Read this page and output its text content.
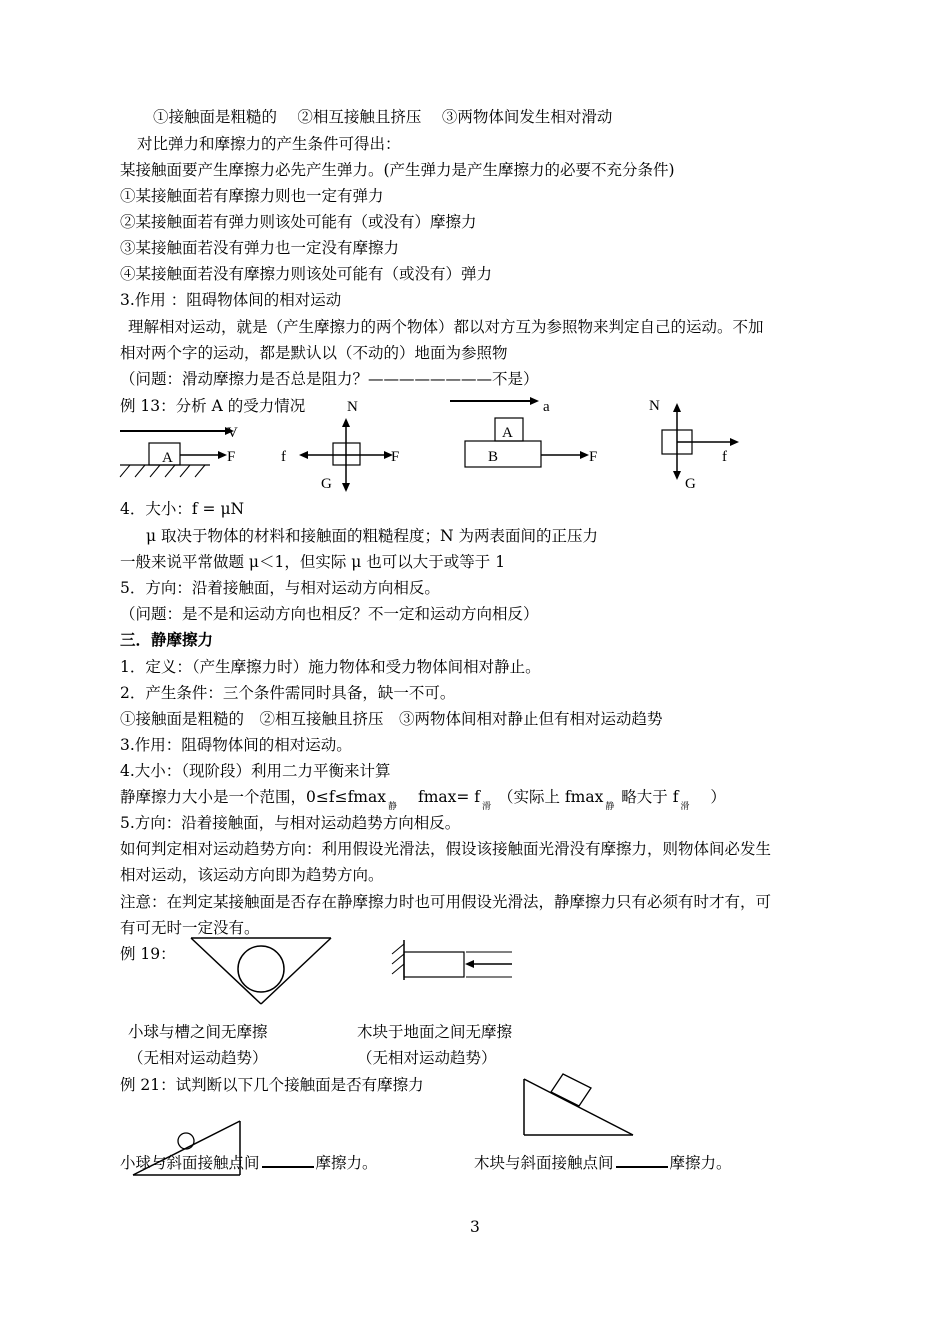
①接触面是粗糙的　 ②相互接触且挤压　 ③两物体间发生相对滑动
对比弹力和摩擦力的产生条件可得出：
某接触面要产生摩擦力必先产生弹力。(产生弹力是产生摩擦力的必要不充分条件)
①某接触面若有摩擦力则也一定有弹力
②某接触面若有弹力则该处可能有（或没有）摩擦力
③某接触面若没有弹力也一定没有摩擦力
④某接触面若没有摩擦力则该处可能有（或没有）弹力
3.作用 ：阻碍物体间的相对运动
理解相对运动，就是（产生摩擦力的两个物体）都以对方互为参照物来判定自己的运动。不加
相对两个字的运动，都是默认以（不动的）地面为参照物
（问题：滑动摩擦力是否总是阻力？————————不是）
例 13：分析 A 的受力情况
V
A	F
N
f	F
G
a
A
B	F
N
f
G
4．大小：f = μN
μ 取决于物体的材料和接触面的粗糙程度；N 为两表面间的正压力
一般来说平常做题 μ＜1，但实际 μ 也可以大于或等于 1
5．方向：沿着接触面，与相对运动方向相反。
（问题：是不是和运动方向也相反？不一定和运动方向相反）
三．静摩擦力
1．定义：（产生摩擦力时）施力物体和受力物体间相对静止。
2．产生条件：三个条件需同时具备，缺一不可。
①接触面是粗糙的　②相互接触且挤压　③两物体间相对静止但有相对运动趋势
3.作用：阻碍物体间的相对运动。
4.大小：（现阶段）利用二力平衡来计算
静摩擦力大小是一个范围，0≤f≤fmax$_静$ $fmax= f_滑$ （实际上 fmax$_静$ 略大于 $f_滑$ ）
5.方向：沿着接触面，与相对运动趋势方向相反。
如何判定相对运动趋势方向：利用假设光滑法，假设该接触面光滑没有摩擦力，则物体间必发生
相对运动，该运动方向即为趋势方向。
注意：在判定某接触面是否存在静摩擦力时也可用假设光滑法，静摩擦力只有必须有时才有，可
有可无时一定没有。
例 19：
小球与槽之间无摩擦	木块于地面之间无摩擦
（无相对运动趋势）	（无相对运动趋势）
例 21：试判断以下几个接触面是否有摩擦力
小球与斜面接触点间	摩擦力。	木块与斜面接触点间	摩擦力。
3
